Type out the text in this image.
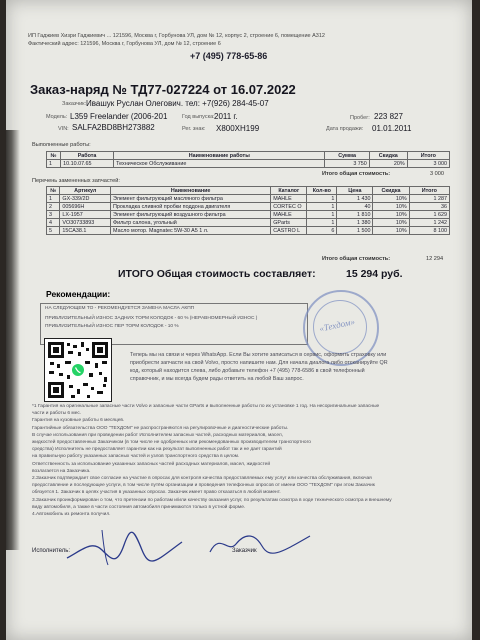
ИП Гаджиев Хизри Гаджиевич ... 121596, Москва г, Горбунова УЛ, дом № 12, корпус 2, строение 6, помещение А312
Фактический адрес: 121596, Москва г, Горбунова УЛ, дом № 12, строение 6
+7 (495) 778-65-86
Заказ-наряд № ТД77-027224 от 16.07.2022
Заказчик: Ивашук Руслан Олегович. тел: +7(926) 284-45-07
Модель: L359 Freelander (2006-201	Год выпуска: 2011 г.	Пробег: 223 827
VIN: SALFA2BD8BH273882	Рег. знак: X800XH199	Дата продажи: 01.01.2011
Выполненные работы:
№	Работа	Наименование работы	Сумма	Скидка	Итого
1	10.10.07.65	Техническое Обслуживание	3 750	20%	3 000
Итого общая стоимость:	3 000
Перечень замененных запчастей:
№	Артикул	Наименование	Каталог	Кол-во	Цена	Скидка	Итого
1	GX-339/2D	Элемент фильтрующий масляного фильтра	MAHLE	1	1 430	10%	1 287
2	005696H	Прокладка сливной пробки поддона двигателя	CORTEC O	1	40	10%	36
3	LX-1957	Элемент фильтрующий воздушного фильтра	MAHLE	1	1 810	10%	1 629
4	VO30733893	Фильтр салона, угольный	GParts	1	1 380	10%	1 242
5	15CA38.1	Масло мотор. Magnatec 5W-30 A5 1 л.	CASTRO L	6	1 500	10%	8 100
Итого общая стоимость:	12 294
ИТОГО Общая стоимость составляет:	15 294 руб.
Рекомендации:
НА СЛЕДУЮЩЕМ ТО - РЕКОМЕНДУЕТСЯ ЗАМЕНА МАСЛА АКПП
ПРИБЛИЗИТЕЛЬНЫЙ ИЗНОС ЗАДНИХ ТОРМ КОЛОДОК - 60 % (НЕРАВНОМЕРНЫЙ ИЗНОС )
ПРИБЛИЗИТЕЛЬНЫЙ ИЗНОС ПЕР ТОРМ КОЛОДОК - 10 %	«Техдом»
Теперь мы на связи и через WhatsApp. Если Вы хотите записаться в сервис, оформить страховку или
приобрести запчасти на свой Volvo, просто напишите нам. Для начала диалога либо отсканируйте QR
код, который находится слева, либо добавьте телефон +7 (495) 778-6586 в свой телефонный
справочник, и мы всегда будем рады ответить на любой Ваш запрос.
*1 Гарантия на оригинальные запасные части Volvo и запасные части GParts и выполненные работы по их установке 1 год. На несоригинальные запасные
части и работы 6 мес.
Гарантия на кузовные работы 6 месяцев.
Гарантийные обязательства ООО "ТЕХДОМ" не распространяются на регулировочные и диагностические работы.
В случае использования при проведении работ Исполнителем запасных частей, расходных материалов, масел,
жидкостей предоставленных Заказчиком (в том числе не одобренных или рекомендованных производителем транспортного
средства) Исполнитель не предоставляет гарантии как на результат выполненных работ так и не дает гарантий
на правильную работу указанных запасных частей и узлов транспортного средства в целом.
Ответственность за использование указанных запасных частей расходных материалов, масел, жидкостей
возлагается на Заказчика.
2.Заказчик подтверждает свое согласие на участие в опросах для контроля качества предоставляемых ему услуг или качества обслуживания, включая
предоставление и последующее услуги, в том числе путём организации и проведения телефонных опросов от имени ООО "ТЕХДОМ" при этом Заказчик
обязуется 1. Заказчик в целях участия в указанных опросах. Заказчик имеет право отказаться в любой момент.
3.Заказчик проинформирован о том, что претензии по работам и/или качеству оказания услуг, по результатам осмотра в ходе технического осмотра и внешнему
виду автомобиля, а также в части состояния автомобиля принимаются только в устной форме.
4.Автомобиль из ремонта получил.
Исполнитель:	Заказчик
